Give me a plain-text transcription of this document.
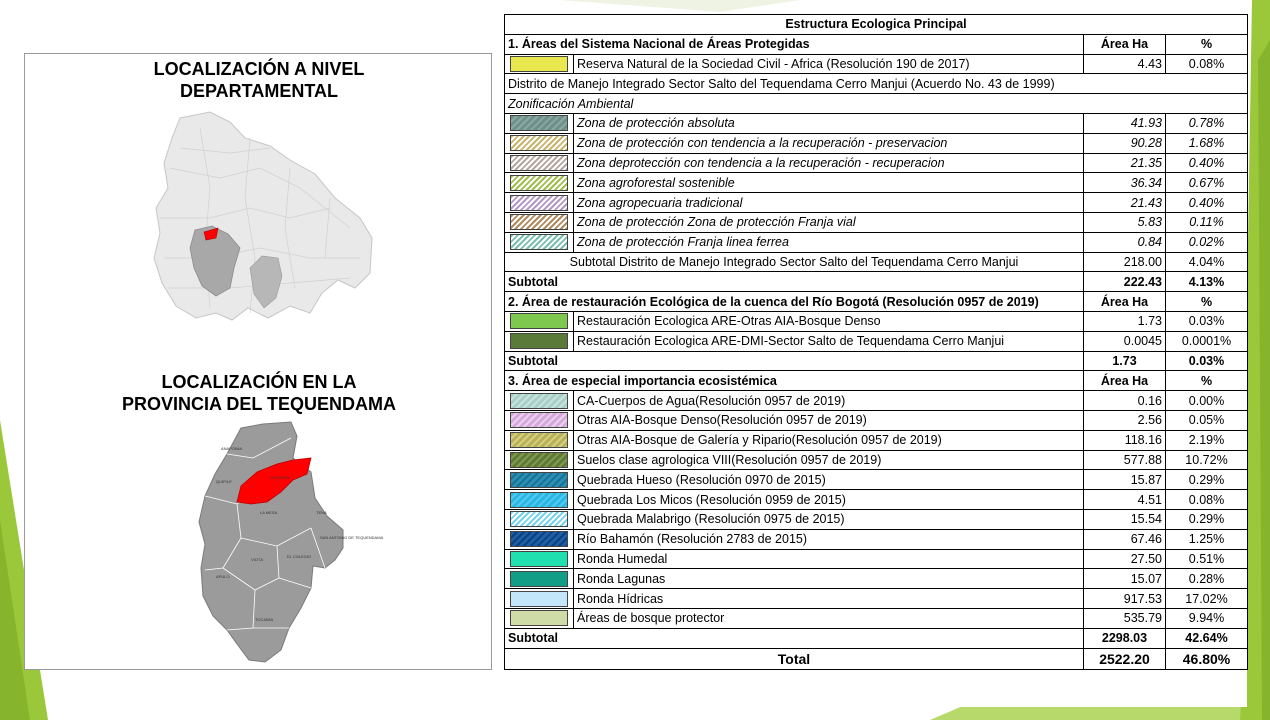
LOCALIZACIÓN A NIVEL
DEPARTAMENTAL
LOCALIZACIÓN EN LA
PROVINCIA DEL TEQUENDAMA
ANAPOIMA
APULO
CACHIPAY
EL COLEGIO
LA MESA
QUIPILE
SAN ANTONIO DE TEQUENDAMA
TENA
TOCAIMA
VIOTÁ
Estructura Ecologica Principal			
1. Áreas del Sistema Nacional de Áreas Protegidas		Área Ha	%

	Reserva Natural de la Sociedad Civil - Africa (Resolución 190 de 2017)	4.43	0.08%
Distrito de Manejo Integrado Sector Salto del Tequendama Cerro Manjui (Acuerdo No. 43 de 1999)			
Zonificación Ambiental			

	Zona de protección absoluta	41.93	0.78%

	Zona de protección con tendencia a la recuperación - preservacion	90.28	1.68%

	Zona deprotección con tendencia a la recuperación - recuperacion	21.35	0.40%

	Zona agroforestal sostenible	36.34	0.67%

	Zona agropecuaria tradicional	21.43	0.40%

	Zona de protección Zona de protección Franja vial	5.83	0.11%

	Zona de protección Franja linea ferrea	0.84	0.02%
Subtotal Distrito de Manejo Integrado Sector Salto del Tequendama Cerro Manjui		218.00	4.04%
Subtotal		222.43	4.13%
2. Área de restauración Ecológica de la cuenca del Río Bogotá (Resolución 0957 de 2019)		Área Ha	%

	Restauración Ecologica ARE-Otras AIA-Bosque Denso	1.73	0.03%

	Restauración Ecologica ARE-DMI-Sector Salto de Tequendama Cerro Manjui	0.0045	0.0001%
Subtotal		1.73	0.03%
3. Área de especial importancia ecosistémica		Área Ha	%

	CA-Cuerpos de Agua(Resolución 0957 de 2019)	0.16	0.00%

	Otras AIA-Bosque Denso(Resolución 0957 de 2019)	2.56	0.05%

	Otras AIA-Bosque de Galería y Ripario(Resolución 0957 de 2019)	118.16	2.19%

	Suelos clase agrologica VIII(Resolución 0957 de 2019)	577.88	10.72%

	Quebrada Hueso (Resolución 0970 de 2015)	15.87	0.29%

	Quebrada Los Micos (Resolución 0959 de 2015)	4.51	0.08%

	Quebrada Malabrigo (Resolución 0975 de 2015)	15.54	0.29%

	Río Bahamón (Resolución 2783 de 2015)	67.46	1.25%

	Ronda Humedal	27.50	0.51%

	Ronda Lagunas	15.07	0.28%

	Ronda Hídricas	917.53	17.02%

	Áreas de bosque protector	535.79	9.94%
Subtotal		2298.03	42.64%
Total		2522.20	46.80%
